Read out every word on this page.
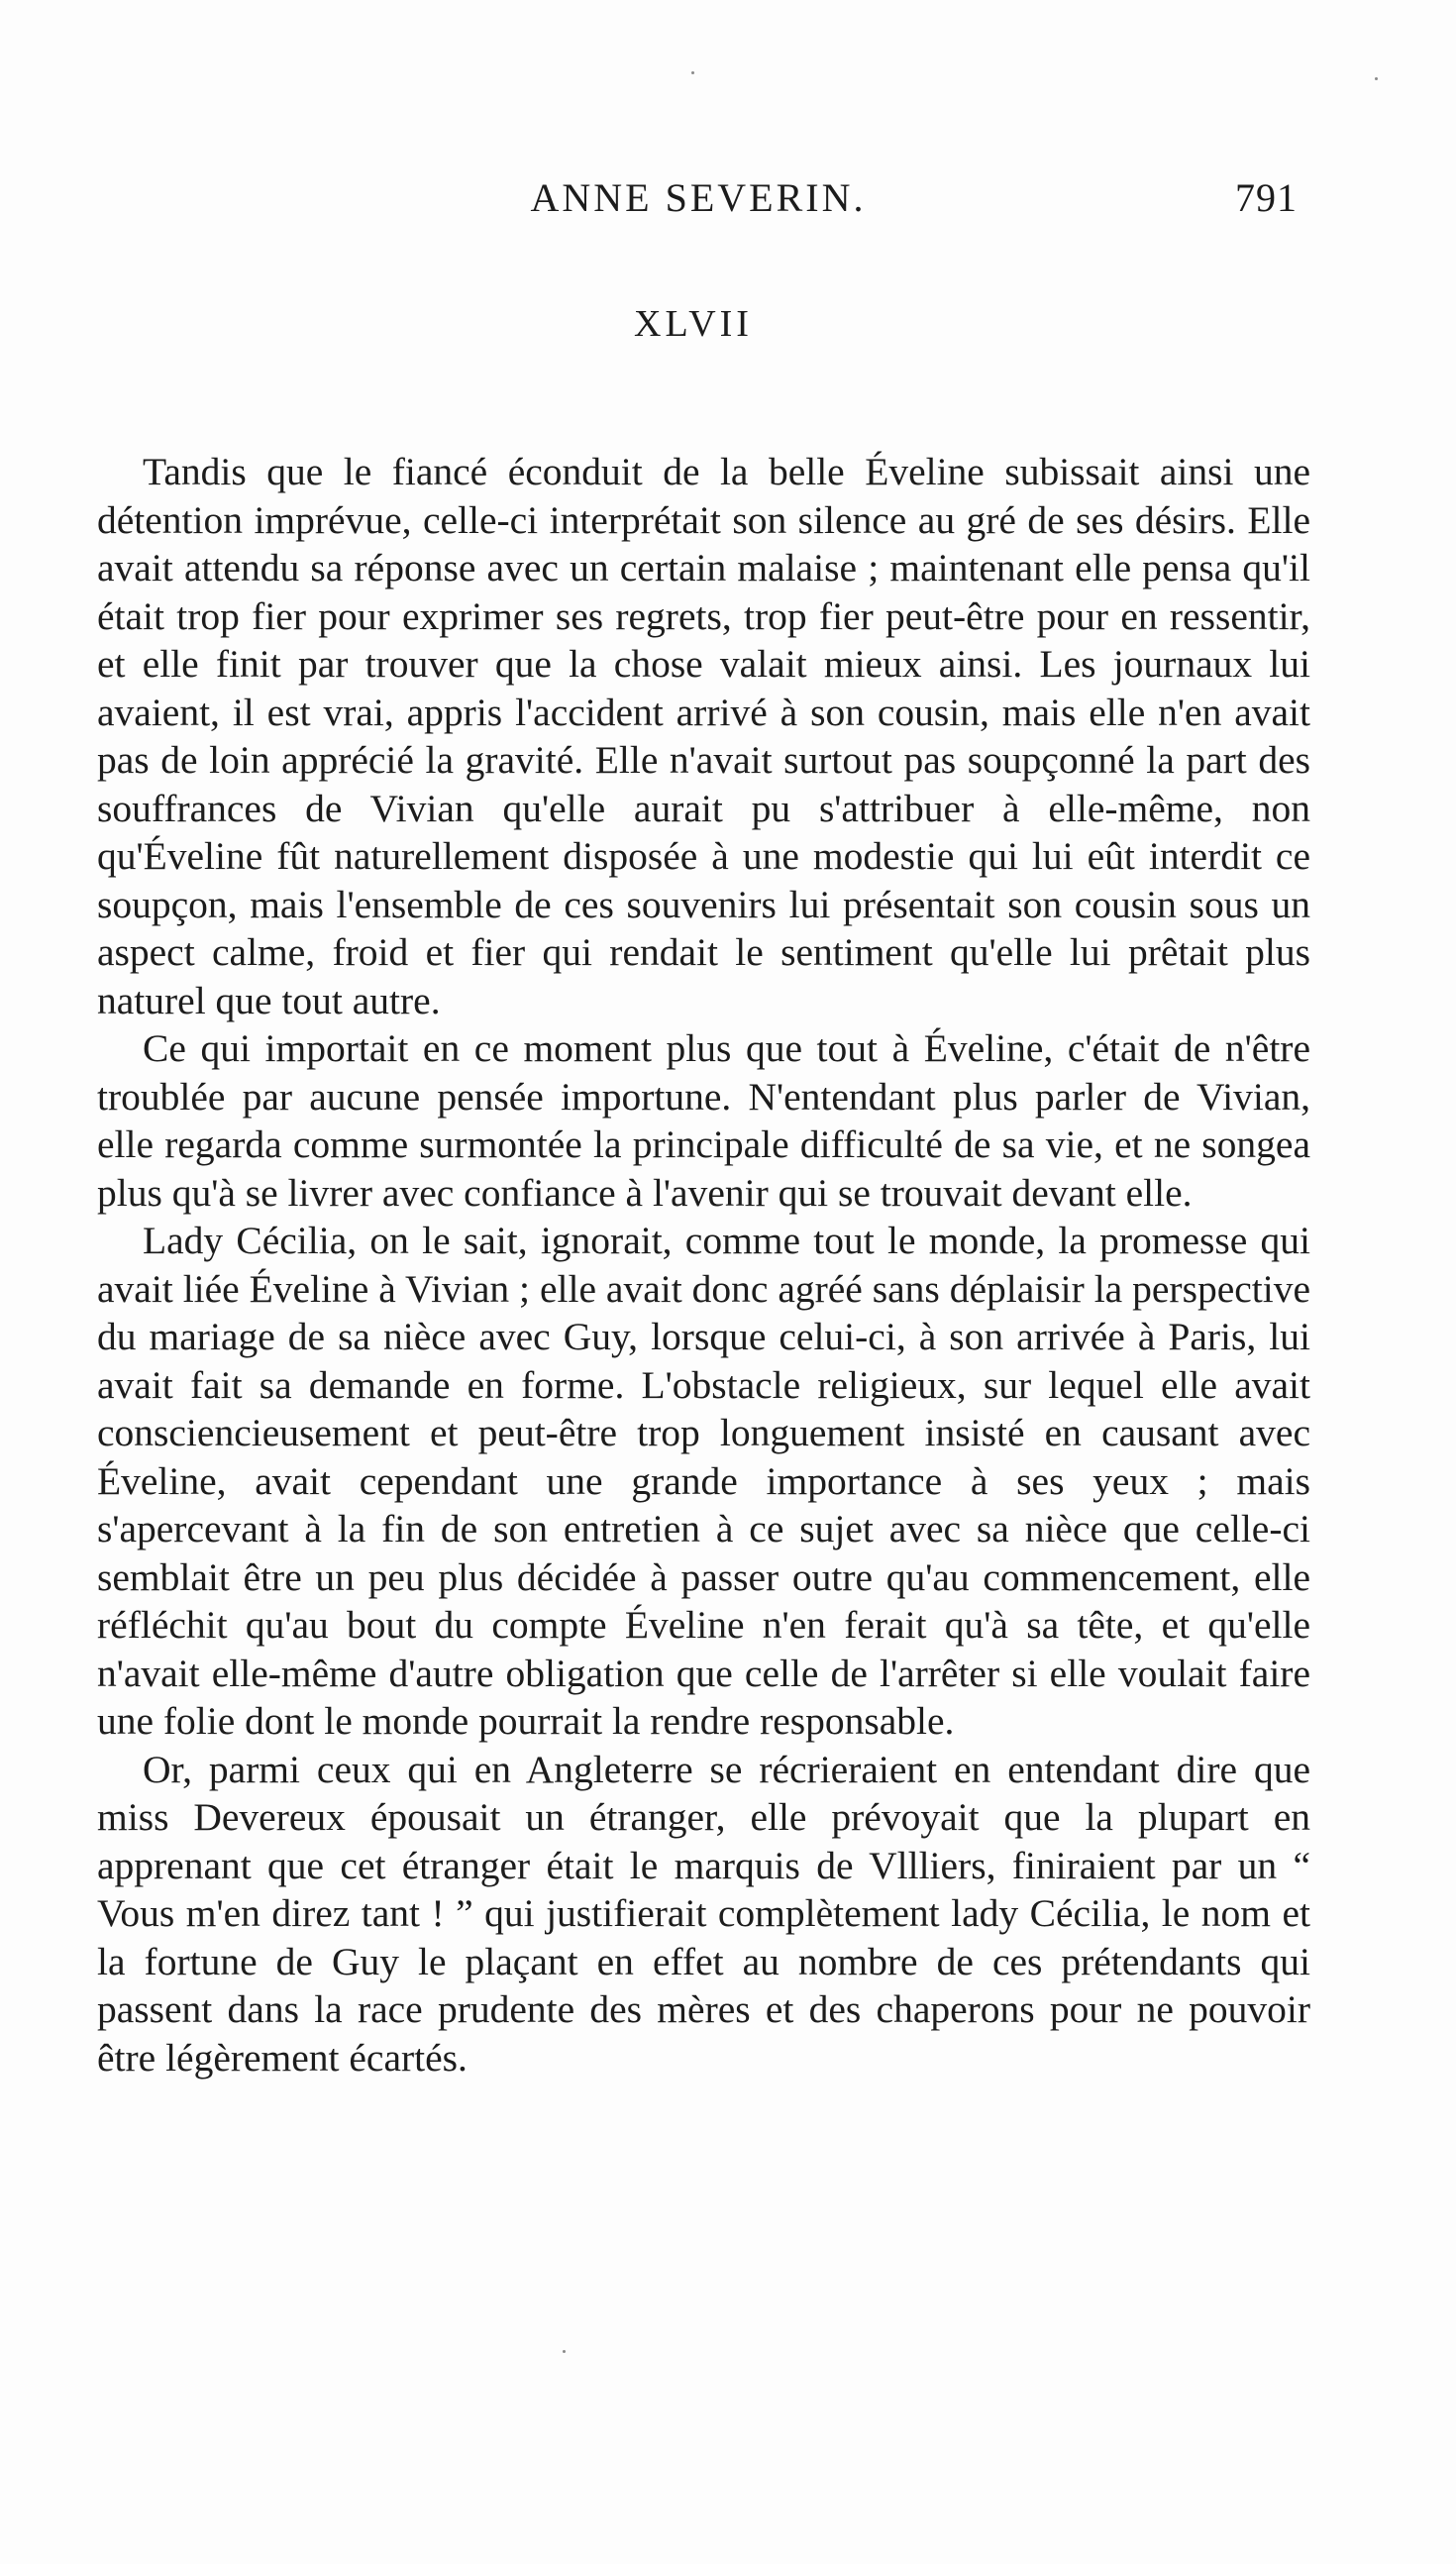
ANNE SEVERIN.	791
XLVII

Tandis que le fiancé éconduit de la belle Éveline subissait ainsi une détention imprévue, celle-ci interprétait son silence au gré de ses désirs. Elle avait attendu sa réponse avec un certain malaise ; maintenant elle pensa qu'il était trop fier pour exprimer ses regrets, trop fier peut-être pour en ressentir, et elle finit par trouver que la chose valait mieux ainsi. Les journaux lui avaient, il est vrai, appris l'accident arrivé à son cousin, mais elle n'en avait pas de loin apprécié la gravité. Elle n'avait surtout pas soupçonné la part des souffrances de Vivian qu'elle aurait pu s'attribuer à elle-même, non qu'Éveline fût naturellement disposée à une modestie qui lui eût interdit ce soupçon, mais l'ensemble de ces souvenirs lui présentait son cousin sous un aspect calme, froid et fier qui rendait le sentiment qu'elle lui prêtait plus naturel que tout autre.

Ce qui importait en ce moment plus que tout à Éveline, c'était de n'être troublée par aucune pensée importune. N'entendant plus parler de Vivian, elle regarda comme surmontée la principale difficulté de sa vie, et ne songea plus qu'à se livrer avec confiance à l'avenir qui se trouvait devant elle.

Lady Cécilia, on le sait, ignorait, comme tout le monde, la promesse qui avait liée Éveline à Vivian ; elle avait donc agréé sans déplaisir la perspective du mariage de sa nièce avec Guy, lorsque celui-ci, à son arrivée à Paris, lui avait fait sa demande en forme. L'obstacle religieux, sur lequel elle avait consciencieusement et peut-être trop longuement insisté en causant avec Éveline, avait cependant une grande importance à ses yeux ; mais s'apercevant à la fin de son entretien à ce sujet avec sa nièce que celle-ci semblait être un peu plus décidée à passer outre qu'au commencement, elle réfléchit qu'au bout du compte Éveline n'en ferait qu'à sa tête, et qu'elle n'avait elle-même d'autre obligation que celle de l'arrêter si elle voulait faire une folie dont le monde pourrait la rendre responsable.

Or, parmi ceux qui en Angleterre se récrieraient en entendant dire que miss Devereux épousait un étranger, elle prévoyait que la plupart en apprenant que cet étranger était le marquis de Vllliers, finiraient par un “ Vous m'en direz tant ! ” qui justifierait complètement lady Cécilia, le nom et la fortune de Guy le plaçant en effet au nombre de ces prétendants qui passent dans la race prudente des mères et des chaperons pour ne pouvoir être légèrement écartés.
